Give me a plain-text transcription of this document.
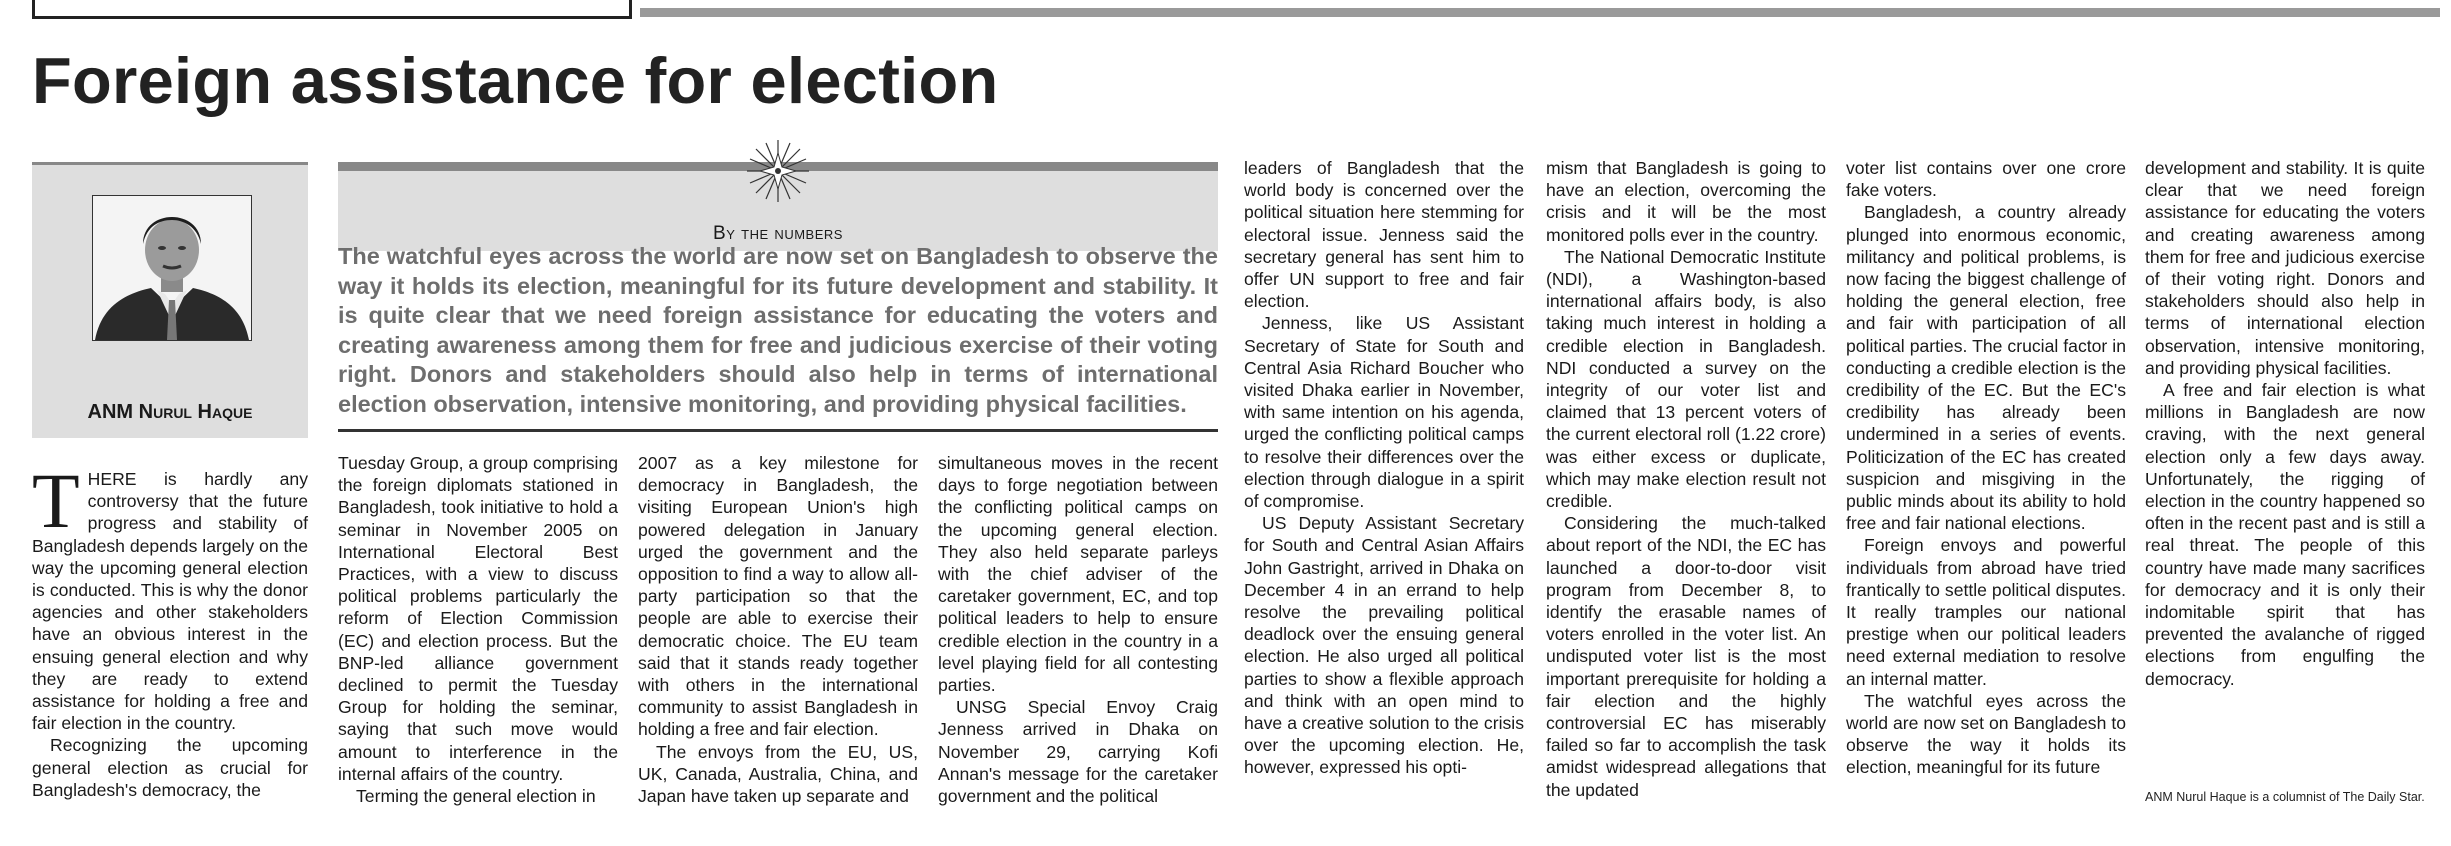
Foreign assistance for election
ANM Nurul Haque
By the numbers

The watchful eyes across the world are now set on Bangladesh to observe the way it holds its election, meaningful for its future development and stability. It is quite clear that we need foreign assistance for educating the voters and creating awareness among them for free and judicious exercise of their voting right. Donors and stakeholders should also help in terms of international election observation, intensive monitoring, and providing physical facilities.

THERE is hardly any controversy that the future progress and stability of Bangladesh depends largely on the way the upcoming general election is conducted. This is why the donor agencies and other stakeholders have an obvious interest in the ensuing general election and why they are ready to extend assistance for holding a free and fair election in the country.

Recognizing the upcoming general election as crucial for Bangladesh's democracy, the

Tuesday Group, a group comprising the foreign diplomats stationed in Bangladesh, took initiative to hold a seminar in November 2005 on International Electoral Best Practices, with a view to discuss political problems particularly the reform of Election Commission (EC) and election process. But the BNP-led alliance government declined to permit the Tuesday Group for holding the seminar, saying that such move would amount to interference in the internal affairs of the country.

Terming the general election in

2007 as a key milestone for democracy in Bangladesh, the visiting European Union's high powered delegation in January urged the government and the opposition to find a way to allow all-party participation so that the people are able to exercise their democratic choice. The EU team said that it stands ready together with others in the international community to assist Bangladesh in holding a free and fair election.

The envoys from the EU, US, UK, Canada, Australia, China, and Japan have taken up separate and

simultaneous moves in the recent days to forge negotiation between the conflicting political camps on the upcoming general election. They also held separate parleys with the chief adviser of the caretaker government, EC, and top political leaders to help to ensure credible election in the country in a level playing field for all contesting parties.

UNSG Special Envoy Craig Jenness arrived in Dhaka on November 29, carrying Kofi Annan's message for the caretaker government and the political

leaders of Bangladesh that the world body is concerned over the political situation here stemming for electoral issue. Jenness said the secretary general has sent him to offer UN support to free and fair election.

Jenness, like US Assistant Secretary of State for South and Central Asia Richard Boucher who visited Dhaka earlier in November, with same intention on his agenda, urged the conflicting political camps to resolve their differences over the election through dialogue in a spirit of compromise.

US Deputy Assistant Secretary for South and Central Asian Affairs John Gastright, arrived in Dhaka on December 4 in an errand to help resolve the prevailing political deadlock over the ensuing general election. He also urged all political parties to show a flexible approach and think with an open mind to have a creative solution to the crisis over the upcoming election. He, however, expressed his opti-

mism that Bangladesh is going to have an election, overcoming the crisis and it will be the most monitored polls ever in the country.

The National Democratic Institute (NDI), a Washington-based international affairs body, is also taking much interest in holding a credible election in Bangladesh. NDI conducted a survey on the integrity of our voter list and claimed that 13 percent voters of the current electoral roll (1.22 crore) was either excess or duplicate, which may make election result not credible.

Considering the much-talked about report of the NDI, the EC has launched a door-to-door visit program from December 8, to identify the erasable names of voters enrolled in the voter list. An undisputed voter list is the most important prerequisite for holding a fair election and the highly controversial EC has miserably failed so far to accomplish the task amidst widespread allegations that the updated

voter list contains over one crore fake voters.

Bangladesh, a country already plunged into enormous economic, militancy and political problems, is now facing the biggest challenge of holding the general election, free and fair with participation of all political parties. The crucial factor in conducting a credible election is the credibility of the EC. But the EC's credibility has already been undermined in a series of events. Politicization of the EC has created suspicion and misgiving in the public minds about its ability to hold free and fair national elections.

Foreign envoys and powerful individuals from abroad have tried frantically to settle political disputes. It really tramples our national prestige when our political leaders need external mediation to resolve an internal matter.

The watchful eyes across the world are now set on Bangladesh to observe the way it holds its election, meaningful for its future

development and stability. It is quite clear that we need foreign assistance for educating the voters and creating awareness among them for free and judicious exercise of their voting right. Donors and stakeholders should also help in terms of international election observation, intensive monitoring, and providing physical facilities.

A free and fair election is what millions in Bangladesh are now craving, with the next general election only a few days away. Unfortunately, the rigging of election in the country happened so often in the recent past and is still a real threat. The people of this country have made many sacrifices for democracy and it is only their indomitable spirit that has prevented the avalanche of rigged elections from engulfing the democracy.

ANM Nurul Haque is a columnist of The Daily Star.
